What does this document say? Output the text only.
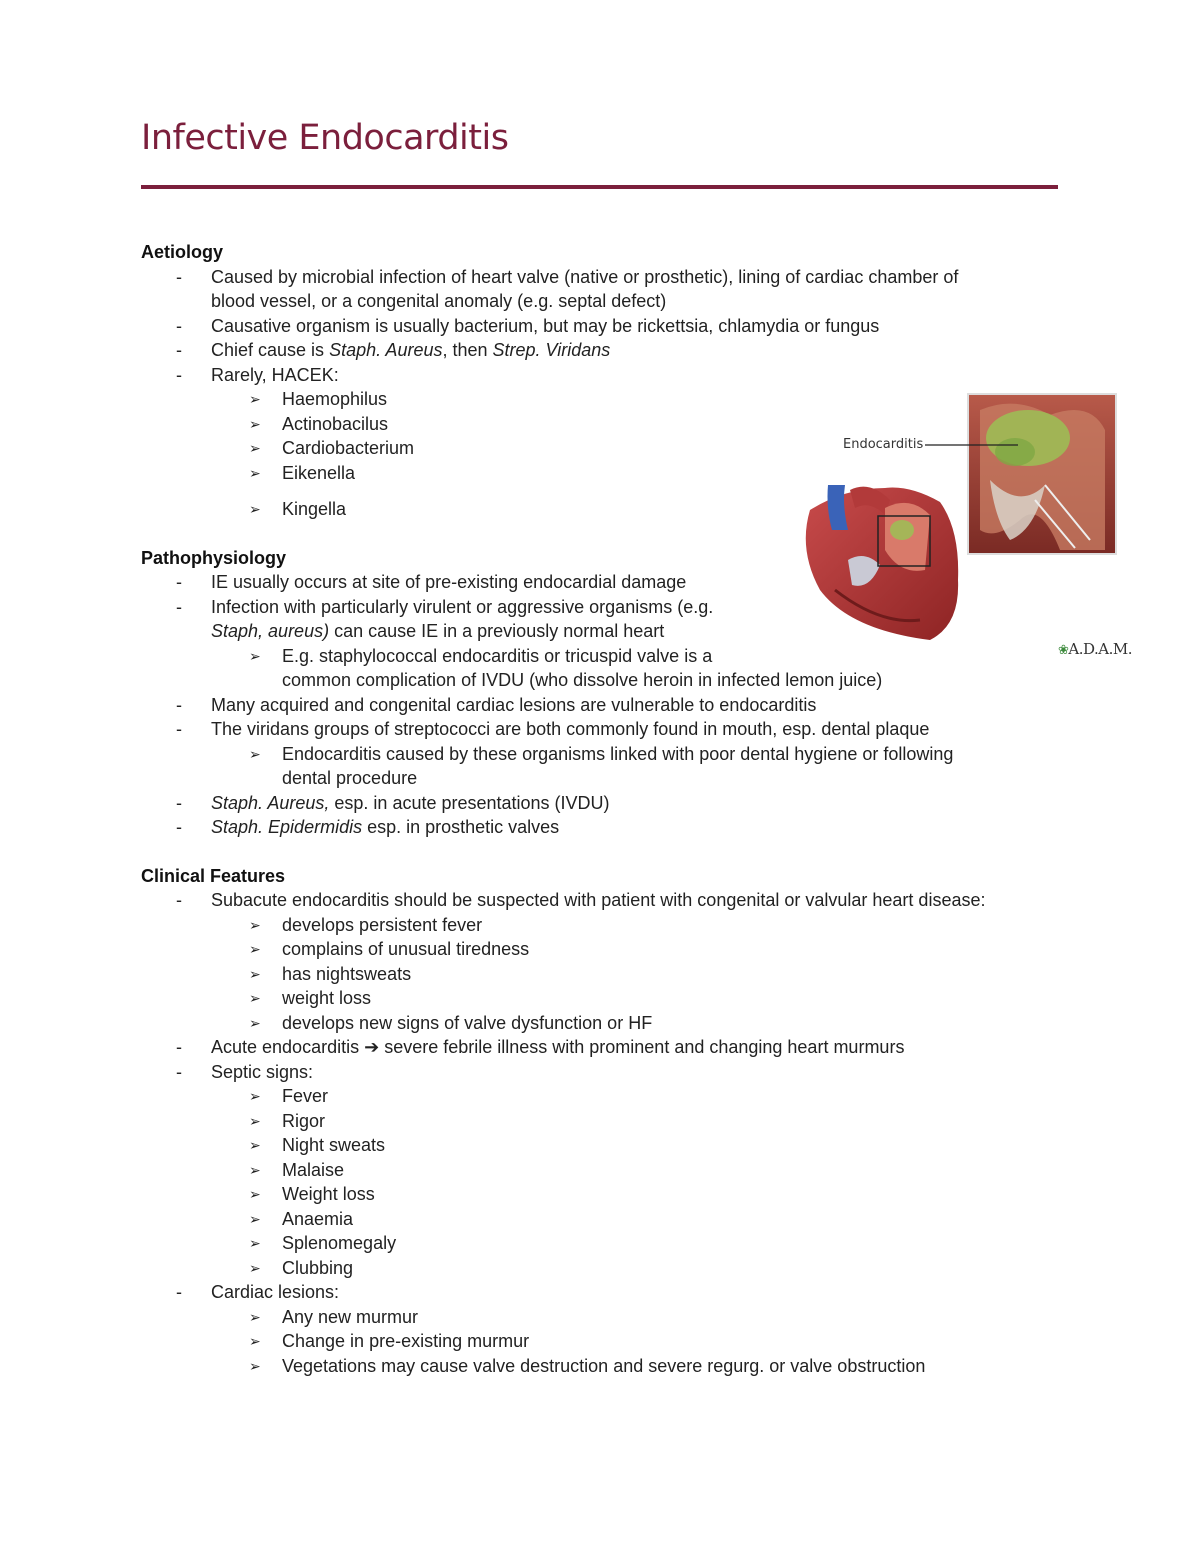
Infective Endocarditis
Endocarditis
❀A.D.A.M.
Aetiology
- Caused by microbial infection of heart valve (native or prosthetic), lining of cardiac chamber of
blood vessel, or a congenital anomaly (e.g. septal defect)
- Causative organism is usually bacterium, but may be rickettsia, chlamydia or fungus
- Chief cause is Staph. Aureus, then Strep. Viridans
- Rarely, HACEK:
➢ Haemophilus
➢ Actinobacilus
➢ Cardiobacterium
➢ Eikenella
➢ Kingella
Pathophysiology
- IE usually occurs at site of pre-existing endocardial damage
- Infection with particularly virulent or aggressive organisms (e.g.
Staph, aureus) can cause IE in a previously normal heart
➢ E.g. staphylococcal endocarditis or tricuspid valve is a
common complication of IVDU (who dissolve heroin in infected lemon juice)
- Many acquired and congenital cardiac lesions are vulnerable to endocarditis
- The viridans groups of streptococci are both commonly found in mouth, esp. dental plaque
➢ Endocarditis caused by these organisms linked with poor dental hygiene or following
dental procedure
- Staph. Aureus, esp. in acute presentations (IVDU)
- Staph. Epidermidis esp. in prosthetic valves
Clinical Features
- Subacute endocarditis should be suspected with patient with congenital or valvular heart disease:
➢ develops persistent fever
➢ complains of unusual tiredness
➢ has nightsweats
➢ weight loss
➢ develops new signs of valve dysfunction or HF
- Acute endocarditis ➔ severe febrile illness with prominent and changing heart murmurs
- Septic signs:
➢ Fever
➢ Rigor
➢ Night sweats
➢ Malaise
➢ Weight loss
➢ Anaemia
➢ Splenomegaly
➢ Clubbing
- Cardiac lesions:
➢ Any new murmur
➢ Change in pre-existing murmur
➢ Vegetations may cause valve destruction and severe regurg. or valve obstruction
